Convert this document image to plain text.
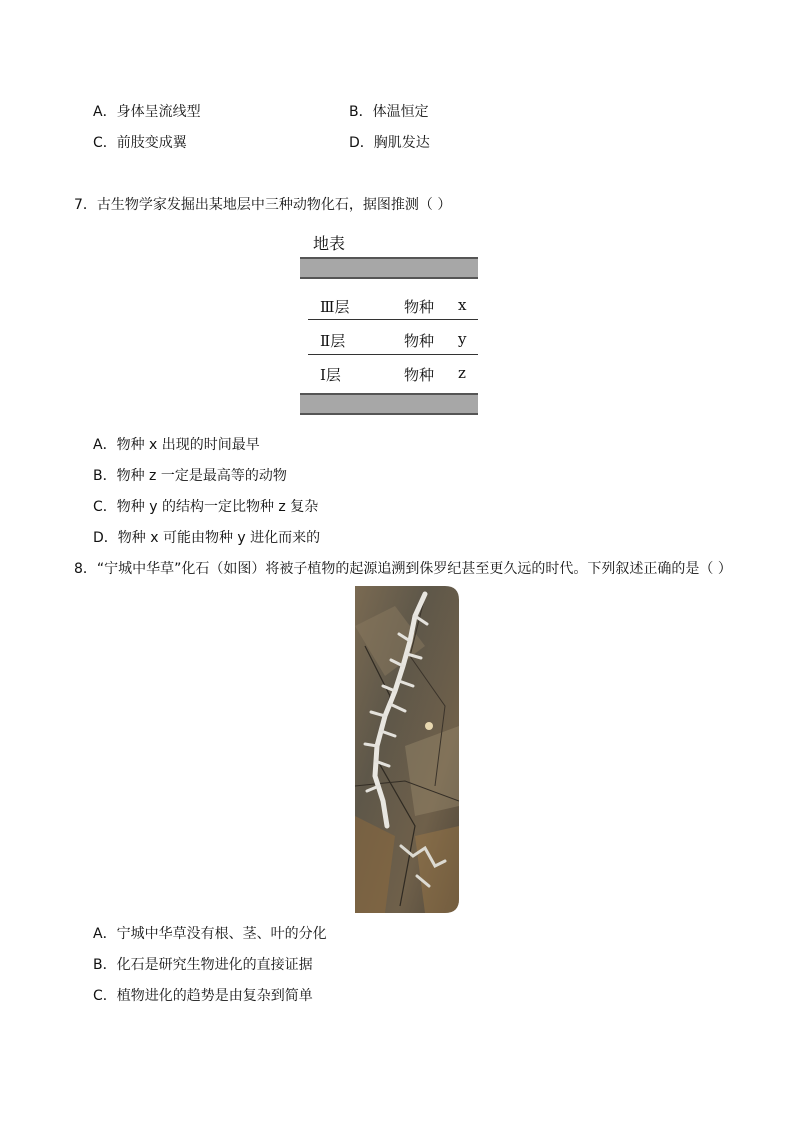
A．身体呈流线型	B．体温恒定
C．前肢变成翼	D．胸肌发达
7．古生物学家发掘出某地层中三种动物化石，据图推测（ ）
地表
Ⅲ层	物种 x
Ⅱ层	物种 y
Ⅰ层	物种 z
A．物种 x 出现的时间最早
B．物种 z 一定是最高等的动物
C．物种 y 的结构一定比物种 z 复杂
D．物种 x 可能由物种 y 进化而来的
8．“宁城中华草”化石（如图）将被子植物的起源追溯到侏罗纪甚至更久远的时代。下列叙述正确的是（ ）
A．宁城中华草没有根、茎、叶的分化
B．化石是研究生物进化的直接证据
C．植物进化的趋势是由复杂到简单
